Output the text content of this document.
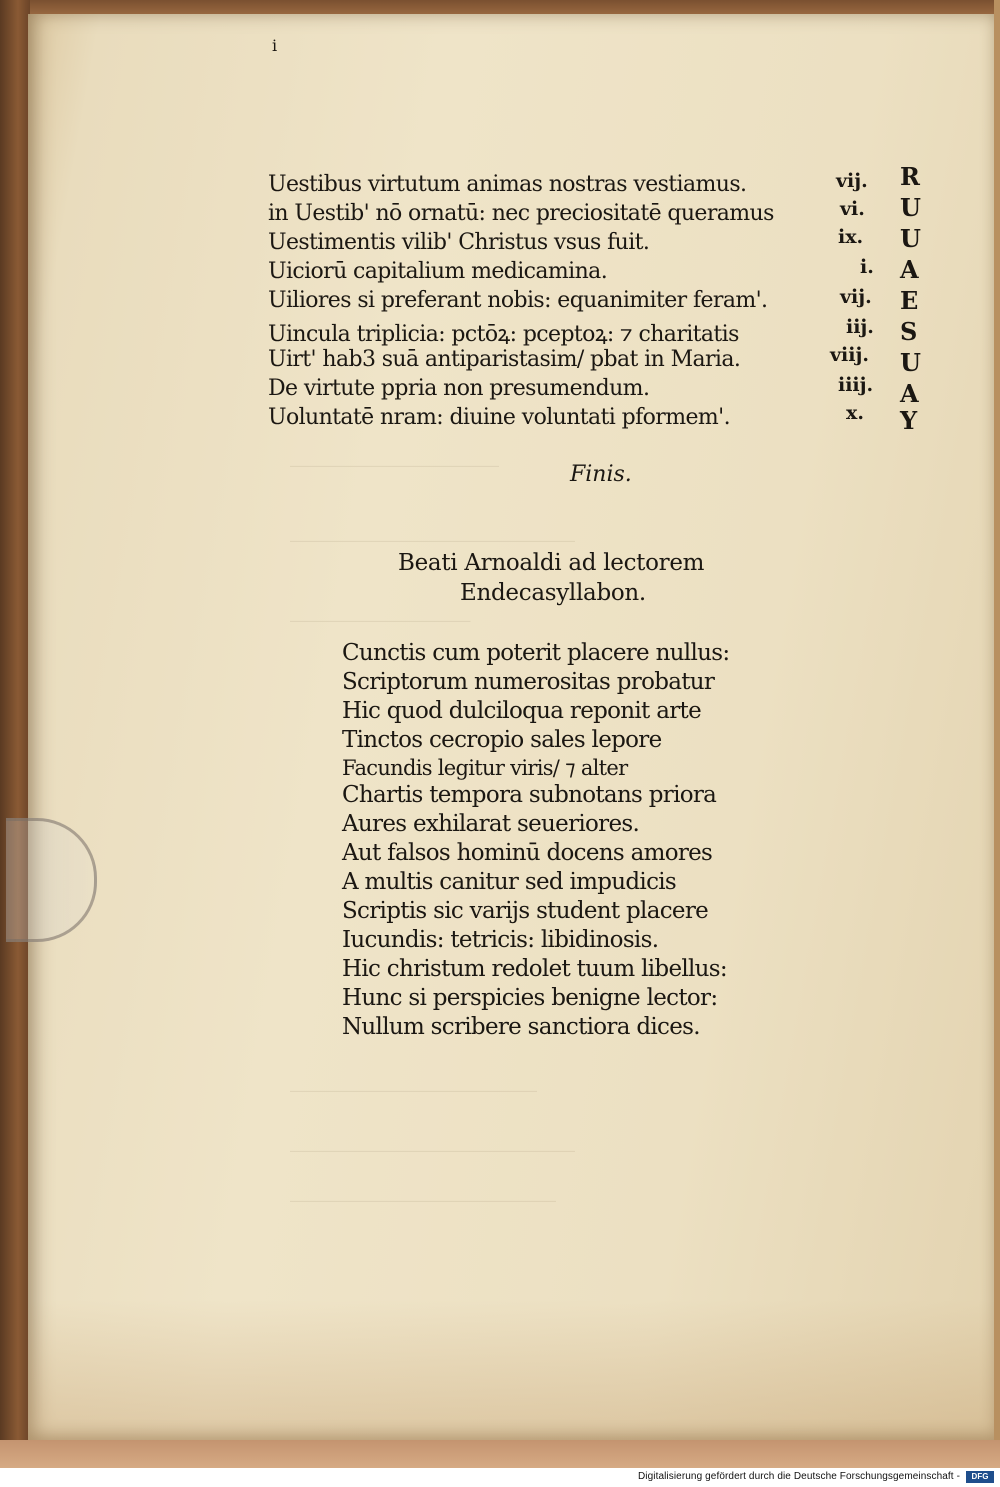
______________________
______________________________
___________________
__________________________
______________________________
____________________________
i
Uestibus virtutum animas nostras vestiamus.
in Uestib' nō ornatū: nec preciositatē queramus
Uestimentis vilib' Christus vsus fuit.
Uiciorū capitalium medicamina.
Uiliores si preferant nobis: equanimiter feram'.
Uincula triplicia: pctōꝝ: pceptoꝝ: ⁊ charitatis
Uirt' hab3 suā antiparistasim/ pbat in Maria.
De virtute ppria non presumendum.
Uoluntatē nram: diuine voluntati pformem'.
vij.
vi.
ix.
i.
vij.
iij.
viij.
iiij.
x.
R
U
U
A
E
S
U
A
Y
Finis.
Beati Arnoaldi ad lectorem
Endecasyllabon.
Cunctis cum poterit placere nullus:
Scriptorum numerositas probatur
Hic quod dulciloqua reponit arte
Tinctos cecropio sales lepore
Facundis legitur viris/ ⁊ alter
Chartis tempora subnotans priora
Aures exhilarat seueriores.
Aut falsos hominū docens amores
A multis canitur sed impudicis
Scriptis sic varijs student placere
Iucundis: tetricis: libidinosis.
Hic christum redolet tuum libellus:
Hunc si perspicies benigne lector:
Nullum scribere sanctiora dices.
Digitalisierung gefördert durch die Deutsche Forschungsgemeinschaft -	DFG
